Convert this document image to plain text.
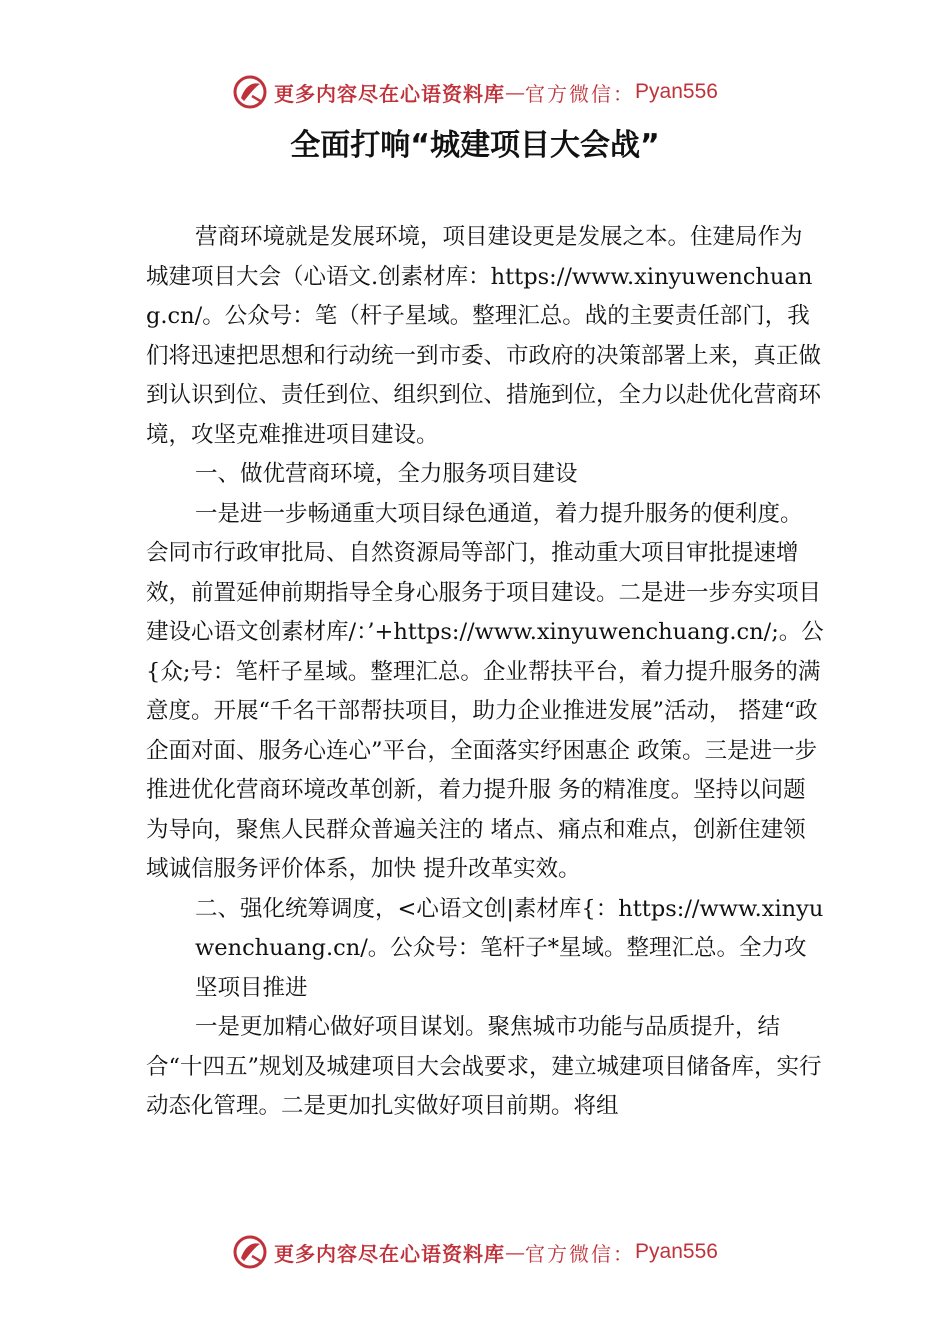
更多内容尽在心语资料库 — 官方微信： Pyan556
全面打响“城建项目大会战”

营商环境就是发展环境，项目建设更是发展之本。住建局作为城建项目大会（心语文.创素材库：https://www.xinyuwenchuang.cn/。公众号：笔（杆子星域。整理汇总。战的主要责任部门，我们将迅速把思想和行动统一到市委、市政府的决策部署上来，真正做到认识到位、责任到位、组织到位、措施到位，全力以赴优化营商环境，攻坚克难推进项目建设。

一、做优营商环境，全力服务项目建设

一是进一步畅通重大项目绿色通道，着力提升服务的便利度。会同市行政审批局、自然资源局等部门，推动重大项目审批提速增效，前置延伸前期指导全身心服务于项目建设。二是进一步夯实项目建设心语文创素材库/：’+https://www.xinyuwenchuang.cn/;。公{众;号：笔杆子星域。整理汇总。企业帮扶平台，着力提升服务的满 意度。开展“千名干部帮扶项目，助力企业推进发展”活动， 搭建“政企面对面、服务心连心”平台，全面落实纾困惠企 政策。三是进一步推进优化营商环境改革创新，着力提升服 务的精准度。坚持以问题为导向，聚焦人民群众普遍关注的 堵点、痛点和难点，创新住建领域诚信服务评价体系，加快 提升改革实效。

二、强化统筹调度，<心语文创|素材库{：https://www.xinyuwenchuang.cn/。公众号：笔杆子*星域。整理汇总。全力攻坚项目推进

一是更加精心做好项目谋划。聚焦城市功能与品质提升，结合“十四五”规划及城建项目大会战要求，建立城建项目储备库，实行动态化管理。二是更加扎实做好项目前期。将组

更多内容尽在心语资料库 — 官方微信： Pyan556
